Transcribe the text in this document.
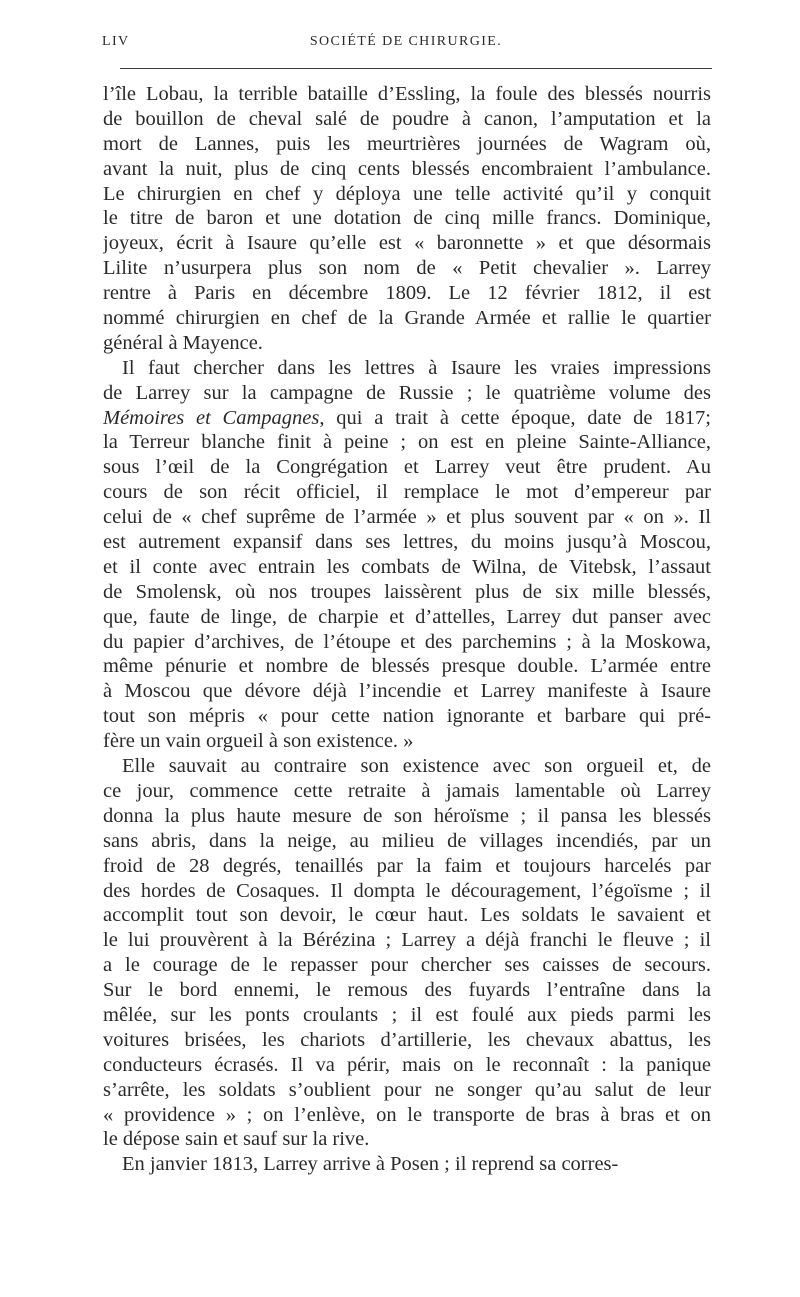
LIV	SOCIÉTÉ DE CHIRURGIE.
l’île Lobau, la terrible bataille d’Essling, la foule des blessés nourris
de bouillon de cheval salé de poudre à canon, l’amputation et la
mort de Lannes, puis les meurtrières journées de Wagram où,
avant la nuit, plus de cinq cents blessés encombraient l’ambulance.
Le chirurgien en chef y déploya une telle activité qu’il y conquit
le titre de baron et une dotation de cinq mille francs. Dominique,
joyeux, écrit à Isaure qu’elle est « baronnette » et que désormais
Lilite n’usurpera plus son nom de « Petit chevalier ». Larrey
rentre à Paris en décembre 1809. Le 12 février 1812, il est
nommé chirurgien en chef de la Grande Armée et rallie le quartier
général à Mayence.
Il faut chercher dans les lettres à Isaure les vraies impressions
de Larrey sur la campagne de Russie ; le quatrième volume des
Mémoires et Campagnes, qui a trait à cette époque, date de 1817;
la Terreur blanche finit à peine ; on est en pleine Sainte-Alliance,
sous l’œil de la Congrégation et Larrey veut être prudent. Au
cours de son récit officiel, il remplace le mot d’empereur par
celui de « chef suprême de l’armée » et plus souvent par « on ». Il
est autrement expansif dans ses lettres, du moins jusqu’à Moscou,
et il conte avec entrain les combats de Wilna, de Vitebsk, l’assaut
de Smolensk, où nos troupes laissèrent plus de six mille blessés,
que, faute de linge, de charpie et d’attelles, Larrey dut panser avec
du papier d’archives, de l’étoupe et des parchemins ; à la Moskowa,
même pénurie et nombre de blessés presque double. L’armée entre
à Moscou que dévore déjà l’incendie et Larrey manifeste à Isaure
tout son mépris « pour cette nation ignorante et barbare qui pré-
fère un vain orgueil à son existence. »
Elle sauvait au contraire son existence avec son orgueil et, de
ce jour, commence cette retraite à jamais lamentable où Larrey
donna la plus haute mesure de son héroïsme ; il pansa les blessés
sans abris, dans la neige, au milieu de villages incendiés, par un
froid de 28 degrés, tenaillés par la faim et toujours harcelés par
des hordes de Cosaques. Il dompta le découragement, l’égoïsme ; il
accomplit tout son devoir, le cœur haut. Les soldats le savaient et
le lui prouvèrent à la Bérézina ; Larrey a déjà franchi le fleuve ; il
a le courage de le repasser pour chercher ses caisses de secours.
Sur le bord ennemi, le remous des fuyards l’entraîne dans la
mêlée, sur les ponts croulants ; il est foulé aux pieds parmi les
voitures brisées, les chariots d’artillerie, les chevaux abattus, les
conducteurs écrasés. Il va périr, mais on le reconnaît : la panique
s’arrête, les soldats s’oublient pour ne songer qu’au salut de leur
« providence » ; on l’enlève, on le transporte de bras à bras et on
le dépose sain et sauf sur la rive.
En janvier 1813, Larrey arrive à Posen ; il reprend sa corres-
